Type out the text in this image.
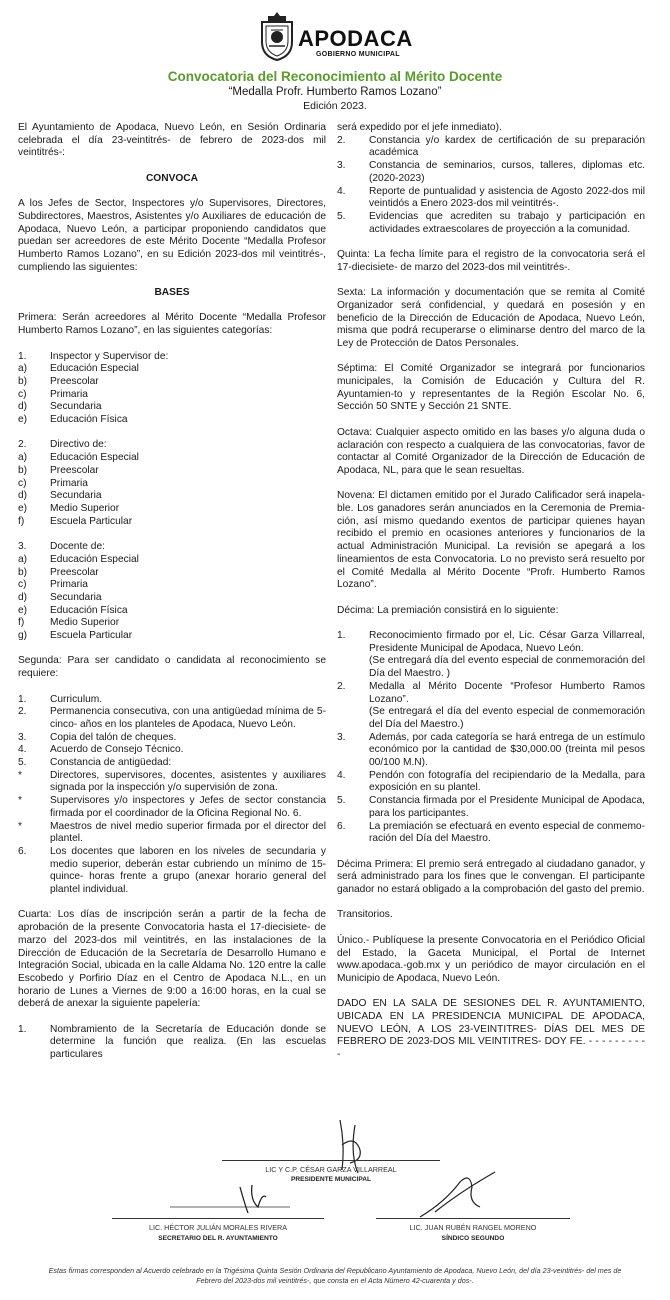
APODACA
GOBIERNO MUNICIPAL
Convocatoria del Reconocimiento al Mérito Docente
“Medalla Profr. Humberto Ramos Lozano”
Edición 2023.

El Ayuntamiento de Apodaca, Nuevo León, en Sesión Ordinaria celebrada el día 23-veintitrés- de febrero de 2023-dos mil veintitrés-:

CONVOCA

A los Jefes de Sector, Inspectores y/o Supervisores, Directores, Subdirectores, Maestros, Asistentes y/o Auxiliares de educación de Apodaca, Nuevo León, a participar proponiendo candidatos que puedan ser acreedores de este Mérito Docente “Medalla Profesor Humberto Ramos Lozano”, en su Edición 2023-dos mil veintitrés-, cumpliendo las siguientes:

BASES

Primera: Serán acreedores al Mérito Docente “Medalla Profesor Humberto Ramos Lozano”, en las siguientes categorías:

1.	Inspector y Supervisor de:
a)	Educación Especial
b)	Preescolar
c)	Primaria
d)	Secundaria
e)	Educación Física
2.	Directivo de:
a)	Educación Especial
b)	Preescolar
c)	Primaria
d)	Secundaria
e)	Medio Superior
f)	Escuela Particular
3.	Docente de:
a)	Educación Especial
b)	Preescolar
c)	Primaria
d)	Secundaria
e)	Educación Física
f)	Medio Superior
g)	Escuela Particular

Segunda: Para ser candidato o candidata al reconocimiento se requiere:

1.	Curriculum.
2.	Permanencia consecutiva, con una antigüedad mínima de 5-cinco- años en los planteles de Apodaca, Nuevo León.
3.	Copia del talón de cheques.
4.	Acuerdo de Consejo Técnico.
5.	Constancia de antigüedad:
*	Directores, supervisores, docentes, asistentes y auxiliares signada por la inspección y/o supervisión de zona.
*	Supervisores y/o inspectores y Jefes de sector constancia firmada por el coordinador de la Oficina Regional No. 6.
*	Maestros de nivel medio superior firmada por el director del plantel.
6.	Los docentes que laboren en los niveles de secundaria y medio superior, deberán estar cubriendo un mínimo de 15-quince- horas frente a grupo (anexar horario general del plantel individual.

Cuarta: Los días de inscripción serán a partir de la fecha de aprobación de la presente Convocatoria hasta el 17-diecisiete- de marzo del 2023-dos mil veintitrés, en las instalaciones de la Dirección de Educación de la Secretaría de Desarrollo Humano e Integración Social, ubicada en la calle Aldama No. 120 entre la calle Escobedo y Porfirio Díaz en el Centro de Apodaca N.L., en un horario de Lunes a Viernes de 9:00 a 16:00 horas, en la cual se deberá de anexar la siguiente papelería:

1.	Nombramiento de la Secretaría de Educación donde se determine la función que realiza. (En las escuelas particulares

será expedido por el jefe inmediato).

2.	Constancia y/o kardex de certificación de su preparación académica
3.	Constancia de seminarios, cursos, talleres, diplomas etc. (2020-2023)
4.	Reporte de puntualidad y asistencia de Agosto 2022-dos mil veintidós a Enero 2023-dos mil veintitrés-.
5.	Evidencias que acrediten su trabajo y participación en actividades extraescolares de proyección a la comunidad.

Quinta: La fecha límite para el registro de la convocatoria será el 17-diecisiete- de marzo del 2023-dos mil veintitrés-.

Sexta: La información y documentación que se remita al Comité Organizador será confidencial, y quedará en posesión y en beneficio de la Dirección de Educación de Apodaca, Nuevo León, misma que podrá recuperarse o eliminarse dentro del marco de la Ley de Protección de Datos Personales.

Séptima: El Comité Organizador se integrará por funcionarios municipales, la Comisión de Educación y Cultura del R. Ayuntamien-to y representantes de la Región Escolar No. 6, Sección 50 SNTE y Sección 21 SNTE.

Octava: Cualquier aspecto omitido en las bases y/o alguna duda o aclaración con respecto a cualquiera de las convocatorias, favor de contactar al Comité Organizador de la Dirección de Educación de Apodaca, NL, para que le sean resueltas.

Novena: El dictamen emitido por el Jurado Calificador será inapela-ble. Los ganadores serán anunciados en la Ceremonia de Premia-ción, así mismo quedando exentos de participar quienes hayan recibido el premio en ocasiones anteriores y funcionarios de la actual Administración Municipal. La revisión se apegará a los lineamientos de esta Convocatoria. Lo no previsto será resuelto por el Comité Medalla al Mérito Docente “Profr. Humberto Ramos Lozano”.

Décima: La premiación consistirá en lo siguiente:

1.	Reconocimiento firmado por el, Lic. César Garza Villarreal, Presidente Municipal de Apodaca, Nuevo León.
(Se entregará día del evento especial de conmemoración del Día del Maestro. )
2.	Medalla al Mérito Docente “Profesor Humberto Ramos Lozano”.
(Se entregará el día del evento especial de conmemoración del Día del Maestro.)
3.	Además, por cada categoría se hará entrega de un estímulo económico por la cantidad de $30,000.00 (treinta mil pesos 00/100 M.N).
4.	Pendón con fotografía del recipiendario de la Medalla, para exposición en su plantel.
5.	Constancia firmada por el Presidente Municipal de Apodaca, para los participantes.
6.	La premiación se efectuará en evento especial de conmemo-ración del Día del Maestro.

Décima Primera: El premio será entregado al ciudadano ganador, y será administrado para los fines que le convengan. El participante ganador no estará obligado a la comprobación del gasto del premio.

Transitorios.

Único.- Publíquese la presente Convocatoria en el Periódico Oficial del Estado, la Gaceta Municipal, el Portal de Internet www.apodaca.-gob.mx y un periódico de mayor circulación en el Municipio de Apodaca, Nuevo León.

DADO EN LA SALA DE SESIONES DEL R. AYUNTAMIENTO, UBICADA EN LA PRESIDENCIA MUNICIPAL DE APODACA, NUEVO LEÓN, A LOS 23-VEINTITRES- DÍAS DEL MES DE FEBRERO DE 2023-DOS MIL VEINTITRES- DOY FE. - - - - - - - - - -

LIC Y C.P. CÉSAR GARZA VILLARREAL
PRESIDENTE MUNICIPAL
LIC. HÉCTOR JULIÁN MORALES RIVERA
SECRETARIO DEL R. AYUNTAMIENTO
LIC. JUAN RUBÉN RANGEL MORENO
SÍNDICO SEGUNDO
Estas firmas corresponden al Acuerdo celebrado en la Trigésima Quinta Sesión Ordinaria del Republicano Ayuntamiento de Apodaca, Nuevo León, del día 23-veintitrés- del mes de Febrero del 2023-dos mil veintitrés-, que consta en el Acta Número 42-cuarenta y dos-.
